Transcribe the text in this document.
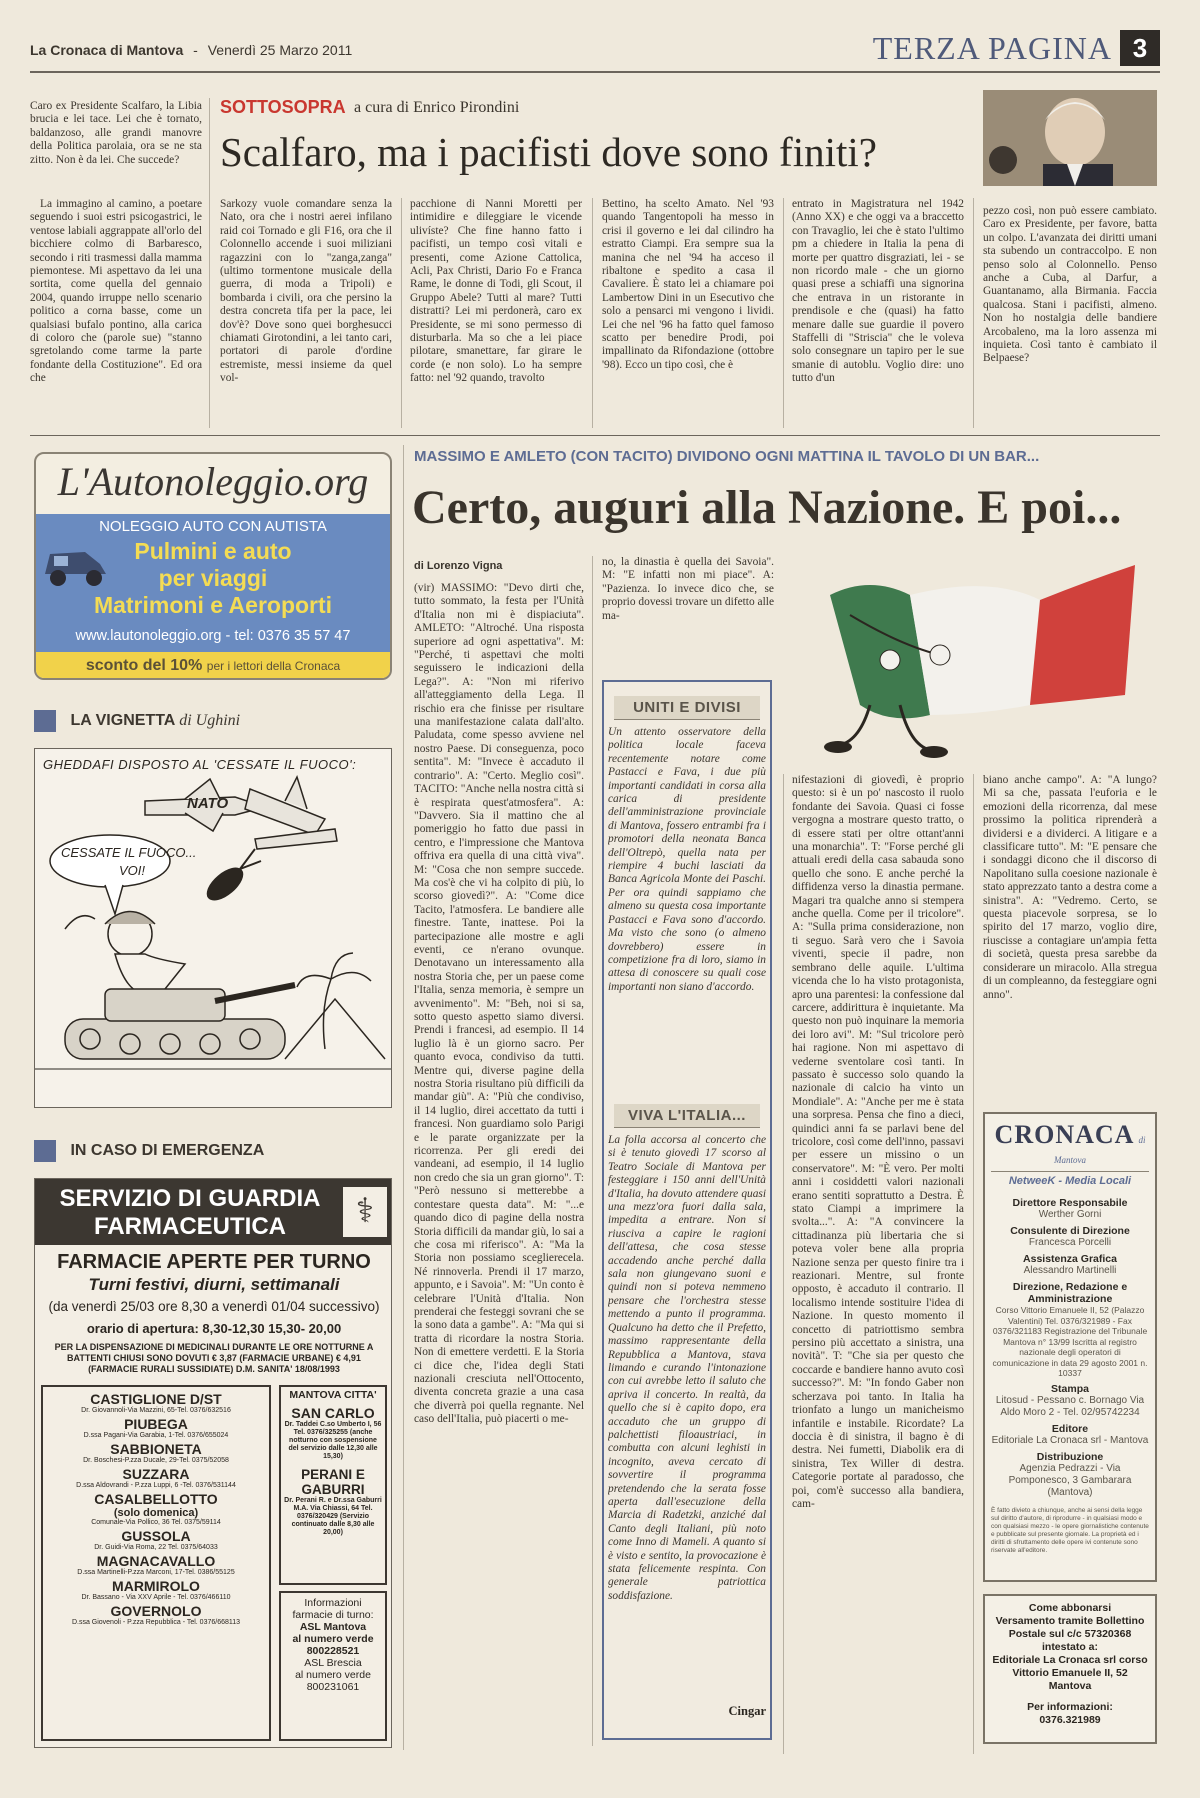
La Cronaca di Mantova - Venerdì 25 Marzo 2011	TERZA PAGINA 3
Caro ex Presidente Scalfaro, la Libia brucia e lei tace. Lei che è tornato, baldanzoso, alle grandi manovre della Politica parolaia, ora se ne sta zitto. Non è da lei. Che succede?
La immagino al camino, a poetare seguendo i suoi estri psicogastrici, le ventose labiali aggrappate all'orlo del bicchiere colmo di Barbaresco, secondo i riti trasmessi dalla mamma piemontese. Mi aspettavo da lei una sortita, come quella del gennaio 2004, quando irruppe nello scenario politico a corna basse, come un qualsiasi bufalo pontino, alla carica di coloro che (parole sue) "stanno sgretolando come tarme la parte fondante della Costituzione". Ed ora che
SOTTOSOPRA a cura di Enrico Pirondini
Scalfaro, ma i pacifisti dove sono finiti?
Sarkozy vuole comandare senza la Nato, ora che i nostri aerei infilano raid coi Tornado e gli F16, ora che il Colonnello accende i suoi miliziani ragazzini con lo "zanga,zanga" (ultimo tormentone musicale della guerra, di moda a Tripoli) e bombarda i civili, ora che persino la destra concreta tifa per la pace, lei dov'è? Dove sono quei borghesucci chiamati Girotondini, a lei tanto cari, portatori di parole d'ordine estremiste, messi insieme da quel vol-
pacchione di Nanni Moretti per intimidire e dileggiare le vicende ulivíste? Che fine hanno fatto i pacifisti, un tempo così vitali e presenti, come Azione Cattolica, Acli, Pax Christi, Dario Fo e Franca Rame, le donne di Todi, gli Scout, il Gruppo Abele? Tutti al mare? Tutti distratti? Lei mi perdonerà, caro ex Presidente, se mi sono permesso di disturbarla. Ma so che a lei piace pilotare, smanettare, far girare le corde (e non solo). Lo ha sempre fatto: nel '92 quando, travolto
Bettino, ha scelto Amato. Nel '93 quando Tangentopoli ha messo in crisi il governo e lei dal cilindro ha estratto Ciampi. Era sempre sua la manina che nel '94 ha acceso il ribaltone e spedito a casa il Cavaliere. È stato lei a chiamare poi Lambertow Dini in un Esecutivo che solo a pensarci mi vengono i lividi. Lei che nel '96 ha fatto quel famoso scatto per benedire Prodi, poi impallinato da Rifondazione (ottobre '98). Ecco un tipo così, che è
entrato in Magistratura nel 1942 (Anno XX) e che oggi va a braccetto con Travaglio, lei che è stato l'ultimo pm a chiedere in Italia la pena di morte per quattro disgraziati, lei - se non ricordo male - che un giorno quasi prese a schiaffi una signorina che entrava in un ristorante in prendisole e che (quasi) ha fatto menare dalle sue guardie il povero Staffelli di "Striscia" che le voleva solo consegnare un tapiro per le sue smanie di autoblu. Voglio dire: uno tutto d'un
pezzo così, non può essere cambiato. Caro ex Presidente, per favore, batta un colpo. L'avanzata dei diritti umani sta subendo un contraccolpo. E non penso solo al Colonnello. Penso anche a Cuba, al Darfur, a Guantanamo, alla Birmania. Faccia qualcosa. Stani i pacifisti, almeno. Non ho nostalgia delle bandiere Arcobaleno, ma la loro assenza mi inquieta. Così tanto è cambiato il Belpaese?
L'Autonoleggio.org
NOLEGGIO AUTO CON AUTISTA
Pulmini e auto
per viaggi
Matrimoni e Aeroporti
www.lautonoleggio.org - tel: 0376 35 57 47
sconto del 10% per i lettori della Cronaca
LA VIGNETTA di Ughini
GHEDDAFI DISPOSTO AL 'CESSATE IL FUOCO':
NATO
CESSATE IL FUOCO...
VOI!
IN CASO DI EMERGENZA
SERVIZIO DI GUARDIA
FARMACEUTICA	⚕
FARMACIE APERTE PER TURNO
Turni festivi, diurni, settimanali
(da venerdì 25/03 ore 8,30 a venerdì 01/04 successivo)
orario di apertura: 8,30-12,30 15,30- 20,00
PER LA DISPENSAZIONE DI MEDICINALI DURANTE LE ORE NOTTURNE A BATTENTI CHIUSI SONO DOVUTI € 3,87 (FARMACIE URBANE) € 4,91 (FARMACIE RURALI SUSSIDIATE) D.M. SANITA' 18/08/1993
CASTIGLIONE D/ST
Dr. Giovannoli-Via Mazzini, 65-Tel. 0376/632516
PIUBEGA
D.ssa Pagani-Via Garabia, 1-Tel. 0376/655024
SABBIONETA
Dr. Boschesi-P.zza Ducale, 29-Tel. 0375/52058
SUZZARA
D.ssa Aldovrandi - P.zza Luppi, 6 -Tel. 0376/531144
CASALBELLOTTO
(solo domenica)
Comunale-Via Pollico, 36 Tel. 0375/59114
GUSSOLA
Dr. Guidi-Via Roma, 22 Tel. 0375/64033
MAGNACAVALLO
D.ssa Martinelli-P.zza Marconi, 17-Tel. 0386/55125
MARMIROLO
Dr. Bassano - Via XXV Aprile - Tel. 0376/466110
GOVERNOLO
D.ssa Giovenoli - P.zza Repubblica - Tel. 0376/668113
MANTOVA CITTA'
SAN CARLO
Dr. Taddei C.so Umberto I, 56 Tel. 0376/325255 (anche notturno con sospensione del servizio dalle 12,30 alle 15,30)
PERANI E GABURRI
Dr. Perani R. e Dr.ssa Gaburri M.A. Via Chiassi, 64 Tel. 0376/320429 (Servizio continuato dalle 8,30 alle 20,00)
Informazioni farmacie di turno:
ASL Mantova
al numero verde
800228521
ASL Brescia
al numero verde
800231061
MASSIMO E AMLETO (CON TACITO) DIVIDONO OGNI MATTINA IL TAVOLO DI UN BAR...
Certo, auguri alla Nazione. E poi...
di Lorenzo Vigna
(vir) MASSIMO: "Devo dirti che, tutto sommato, la festa per l'Unità d'Italia non mi è dispiaciuta". AMLETO: "Altroché. Una risposta superiore ad ogni aspettativa". M: "Perché, ti aspettavi che molti seguissero le indicazioni della Lega?". A: "Non mi riferivo all'atteggiamento della Lega. Il rischio era che finisse per risultare una manifestazione calata dall'alto. Paludata, come spesso avviene nel nostro Paese. Di conseguenza, poco sentita". M: "Invece è accaduto il contrario". A: "Certo. Meglio così". TACITO: "Anche nella nostra città si è respirata quest'atmosfera". A: "Davvero. Sia il mattino che al pomeriggio ho fatto due passi in centro, e l'impressione che Mantova offriva era quella di una città viva". M: "Cosa che non sempre succede. Ma cos'è che vi ha colpito di più, lo scorso giovedì?". A: "Come dice Tacito, l'atmosfera. Le bandiere alle finestre. Tante, inattese. Poi la partecipazione alle mostre e agli eventi, ce n'erano ovunque. Denotavano un interessamento alla nostra Storia che, per un paese come l'Italia, senza memoria, è sempre un avvenimento". M: "Beh, noi si sa, sotto questo aspetto siamo diversi. Prendi i francesi, ad esempio. Il 14 luglio là è un giorno sacro. Per quanto evoca, condiviso da tutti. Mentre qui, diverse pagine della nostra Storia risultano più difficili da mandar giù". A: "Più che condiviso, il 14 luglio, direi accettato da tutti i francesi. Non guardiamo solo Parigi e le parate organizzate per la ricorrenza. Per gli eredi dei vandeani, ad esempio, il 14 luglio non credo che sia un gran giorno". T: "Però nessuno si metterebbe a contestare questa data". M: "...e quando dico di pagine della nostra Storia difficili da mandar giù, lo sai a che cosa mi riferisco". A: "Ma la Storia non possiamo sceglierecela. Né rinnoverla. Prendi il 17 marzo, appunto, e i Savoia". M: "Un conto è celebrare l'Unità d'Italia. Non prenderai che festeggi sovrani che se la sono data a gambe". A: "Ma qui si tratta di ricordare la nostra Storia. Non di emettere verdetti. E la Storia ci dice che, l'idea degli Stati nazionali cresciuta nell'Ottocento, diventa concreta grazie a una casa che diverrà poi quella regnante. Nel caso dell'Italia, può piacerti o me-
no, la dinastia è quella dei Savoia". M: "E infatti non mi piace". A: "Pazienza. Io invece dico che, se proprio dovessi trovare un difetto alle ma-
UNITI E DIVISI
Un attento osservatore della politica locale faceva recentemente notare come Pastacci e Fava, i due più importanti candidati in corsa alla carica di presidente dell'amministrazione provinciale di Mantova, fossero entrambi fra i promotori della neonata Banca dell'Oltrepò, quella nata per riempire 4 buchi lasciati da Banca Agricola Monte dei Paschi. Per ora quindi sappiamo che almeno su questa cosa importante Pastacci e Fava sono d'accordo. Ma visto che sono (o almeno dovrebbero) essere in competizione fra di loro, siamo in attesa di conoscere su quali cose importanti non siano d'accordo.
VIVA L'ITALIA...
La folla accorsa al concerto che si è tenuto giovedì 17 scorso al Teatro Sociale di Mantova per festeggiare i 150 anni dell'Unità d'Italia, ha dovuto attendere quasi una mezz'ora fuori dalla sala, impedita a entrare. Non si riusciva a capire le ragioni dell'attesa, che cosa stesse accadendo anche perché dalla sala non giungevano suoni e quindi non si poteva nemmeno pensare che l'orchestra stesse mettendo a punto il programma. Qualcuno ha detto che il Prefetto, massimo rappresentante della Repubblica a Mantova, stava limando e curando l'intonazione con cui avrebbe letto il saluto che apriva il concerto. In realtà, da quello che si è capito dopo, era accaduto che un gruppo di palchettisti filoaustriaci, in combutta con alcuni leghisti in incognito, aveva cercato di sovvertire il programma pretendendo che la serata fosse aperta dall'esecuzione della Marcia di Radetzki, anziché dal Canto degli Italiani, più noto come Inno di Mameli. A quanto si è visto e sentito, la provocazione è stata felicemente respinta. Con generale patriottica soddisfazione.
Cingar
nifestazioni di giovedì, è proprio questo: si è un po' nascosto il ruolo fondante dei Savoia. Quasi ci fosse vergogna a mostrare questo tratto, o di essere stati per oltre ottant'anni una monarchia". T: "Forse perché gli attuali eredi della casa sabauda sono quello che sono. E anche perché la diffidenza verso la dinastia permane. Magari tra qualche anno si stempera anche quella. Come per il tricolore". A: "Sulla prima considerazione, non ti seguo. Sarà vero che i Savoia viventi, specie il padre, non sembrano delle aquile. L'ultima vicenda che lo ha visto protagonista, apro una parentesi: la confessione dal carcere, addirittura è inquietante. Ma questo non può inquinare la memoria dei loro avi". M: "Sul tricolore però hai ragione. Non mi aspettavo di vederne sventolare così tanti. In passato è successo solo quando la nazionale di calcio ha vinto un Mondiale". A: "Anche per me è stata una sorpresa. Pensa che fino a dieci, quindici anni fa se parlavi bene del tricolore, così come dell'inno, passavi per essere un missino o un conservatore". M: "È vero. Per molti anni i cosiddetti valori nazionali erano sentiti soprattutto a Destra. È stato Ciampi a imprimere la svolta...". A: "A convincere la cittadinanza più libertaria che si poteva voler bene alla propria Nazione senza per questo finire tra i reazionari. Mentre, sul fronte opposto, è accaduto il contrario. Il localismo intende sostituire l'idea di Nazione. In questo momento il concetto di patriottismo sembra persino più accettato a sinistra, una novità". T: "Che sia per questo che coccarde e bandiere hanno avuto così successo?". M: "In fondo Gaber non scherzava poi tanto. In Italia ha trionfato a lungo un manicheismo infantile e instabile. Ricordate? La doccia è di sinistra, il bagno è di destra. Nei fumetti, Diabolik era di sinistra, Tex Willer di destra. Categorie portate al paradosso, che poi, com'è successo alla bandiera, cam-
biano anche campo". A: "A lungo? Mi sa che, passata l'euforia e le emozioni della ricorrenza, dal mese prossimo la politica riprenderà a dividersi e a dividerci. A litigare e a classificare tutto". M: "E pensare che i sondaggi dicono che il discorso di Napolitano sulla coesione nazionale è stato apprezzato tanto a destra come a sinistra". A: "Vedremo. Certo, se questa piacevole sorpresa, se lo spirito del 17 marzo, voglio dire, riuscisse a contagiare un'ampia fetta di società, questa presa sarebbe da considerare un miracolo. Alla stregua di un compleanno, da festeggiare ogni anno".
CRONACA di Mantova
NetweeK - Media Locali
Direttore Responsabile
Werther Gorni
Consulente di Direzione
Francesca Porcelli
Assistenza Grafica
Alessandro Martinelli
Direzione, Redazione e Amministrazione
Corso Vittorio Emanuele II, 52 (Palazzo Valentini) Tel. 0376/321989 - Fax 0376/321183 Registrazione del Tribunale Mantova n° 13/99 Iscritta al registro nazionale degli operatori di comunicazione in data 29 agosto 2001 n. 10337
Stampa
Litosud - Pessano c. Bornago Via Aldo Moro 2 - Tel. 02/95742234
Editore
Editoriale La Cronaca srl - Mantova
Distribuzione
Agenzia Pedrazzi - Via Pomponesco, 3 Gambarara (Mantova)
È fatto divieto a chiunque, anche ai sensi della legge sul diritto d'autore, di riprodurre - in qualsiasi modo e con qualsiasi mezzo - le opere giornalistiche contenute e pubblicate sul presente giornale. La proprietà ed i diritti di sfruttamento delle opere ivi contenute sono riservate all'editore.
Come abbonarsi
Versamento tramite Bollettino Postale sul c/c 57320368
intestato a:
Editoriale La Cronaca srl corso Vittorio Emanuele II, 52 Mantova
Per informazioni:
0376.321989
